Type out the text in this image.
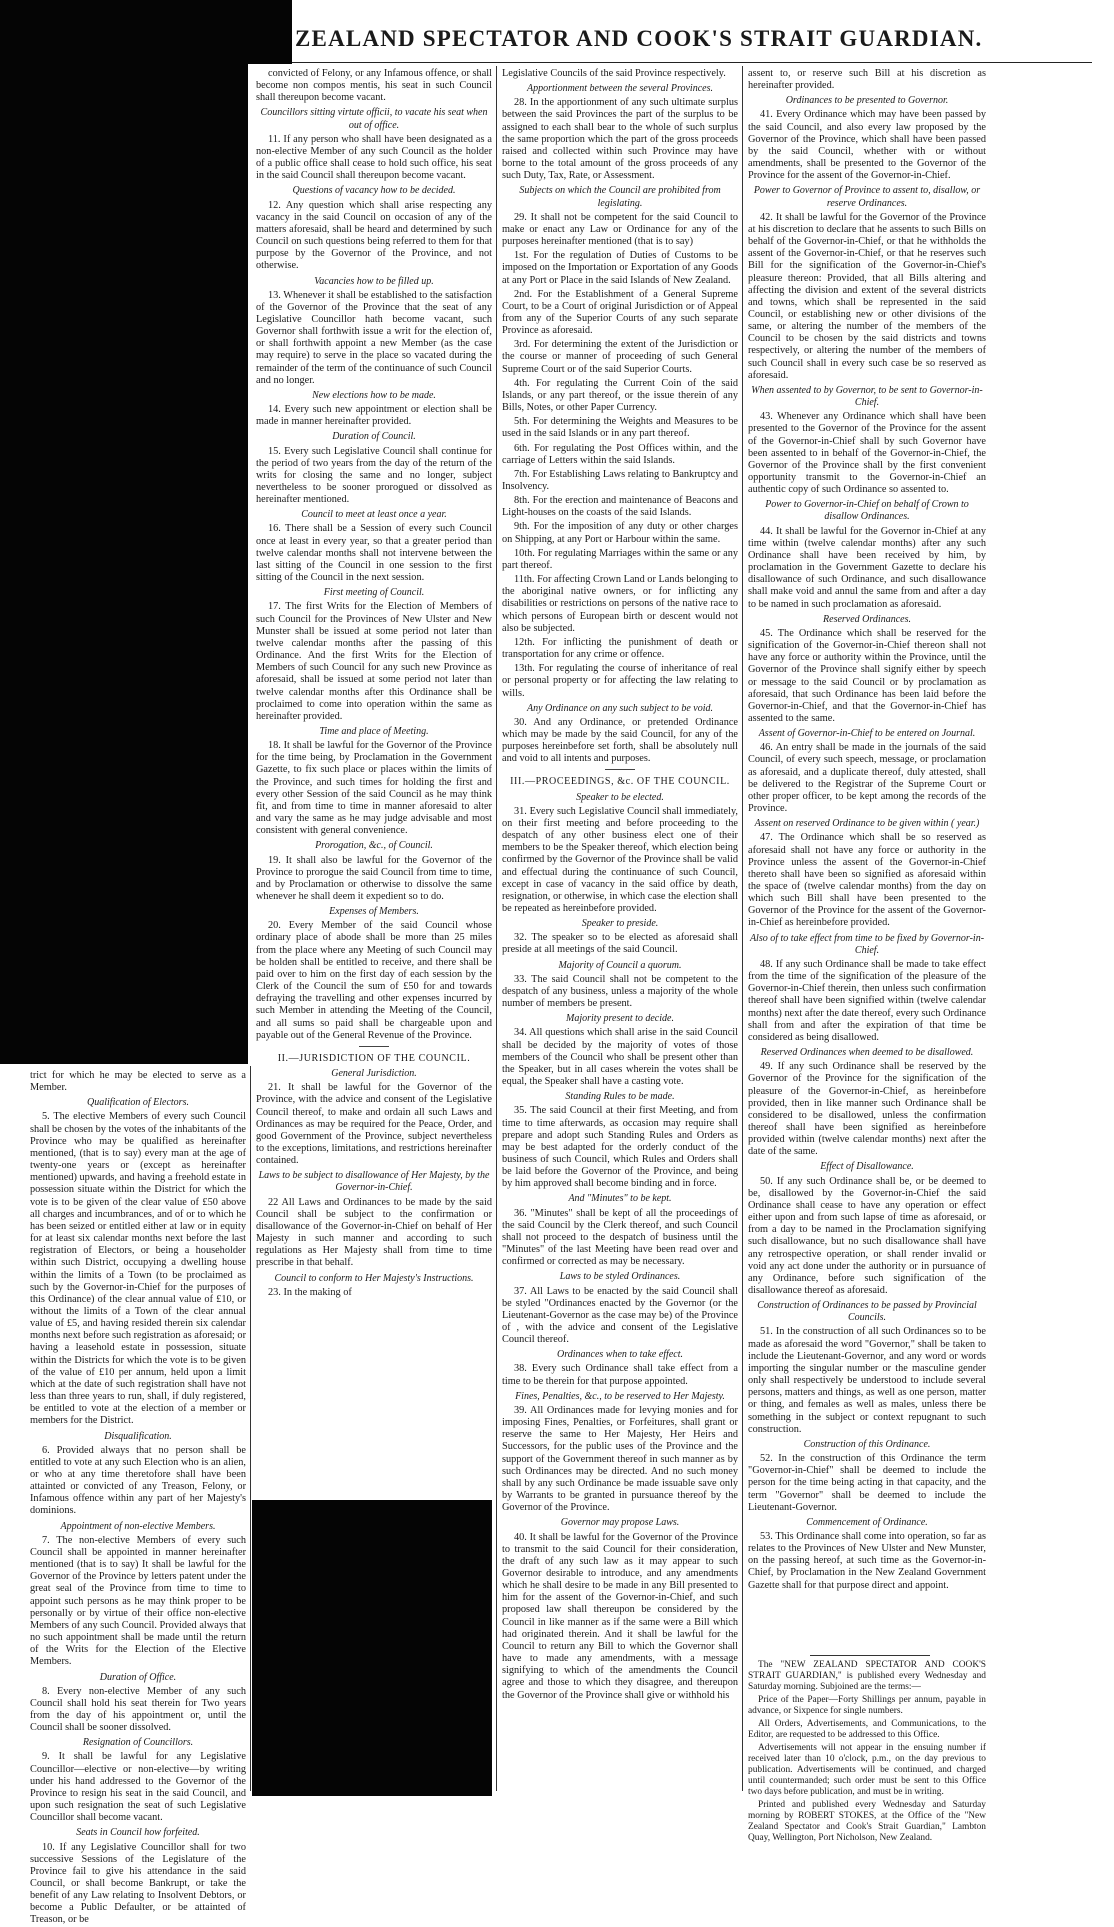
ZEALAND SPECTATOR AND COOK'S STRAIT GUARDIAN.

trict for which he may be elected to serve as a Member.

Qualification of Electors.

5. The elective Members of every such Council shall be chosen by the votes of the inhabitants of the Province who may be qualified as hereinafter mentioned, (that is to say) every man at the age of twenty-one years or (except as hereinafter mentioned) upwards, and having a freehold estate in possession situate within the District for which the vote is to be given of the clear value of £50 above all charges and incumbrances, and of or to which he has been seized or entitled either at law or in equity for at least six calendar months next before the last registration of Electors, or being a householder within such District, occupying a dwelling house within the limits of a Town (to be proclaimed as such by the Governor-in-Chief for the purposes of this Ordinance) of the clear annual value of £10, or without the limits of a Town of the clear annual value of £5, and having resided therein six calendar months next before such registration as aforesaid; or having a leasehold estate in possession, situate within the Districts for which the vote is to be given of the value of £10 per annum, held upon a limit which at the date of such registration shall have not less than three years to run, shall, if duly registered, be entitled to vote at the election of a member or members for the District.

Disqualification.

6. Provided always that no person shall be entitled to vote at any such Election who is an alien, or who at any time theretofore shall have been attainted or convicted of any Treason, Felony, or Infamous offence within any part of her Majesty's dominions.

Appointment of non-elective Members.

7. The non-elective Members of every such Council shall be appointed in manner hereinafter mentioned (that is to say) It shall be lawful for the Governor of the Province by letters patent under the great seal of the Province from time to time to appoint such persons as he may think proper to be personally or by virtue of their office non-elective Members of any such Council. Provided always that no such appointment shall be made until the return of the Writs for the Election of the Elective Members.

Duration of Office.

8. Every non-elective Member of any such Council shall hold his seat therein for Two years from the day of his appointment or, until the Council shall be sooner dissolved.

Resignation of Councillors.

9. It shall be lawful for any Legislative Councillor—elective or non-elective—by writing under his hand addressed to the Governor of the Province to resign his seat in the said Council, and upon such resignation the seat of such Legislative Councillor shall become vacant.

Seats in Council how forfeited.

10. If any Legislative Councillor shall for two successive Sessions of the Legislature of the Province fail to give his attendance in the said Council, or shall become Bankrupt, or take the benefit of any Law relating to Insolvent Debtors, or become a Public Defaulter, or be attainted of Treason, or be

convicted of Felony, or any Infamous offence, or shall become non compos mentis, his seat in such Council shall thereupon become vacant.

Councillors sitting virtute officii, to vacate his seat when out of office.

11. If any person who shall have been designated as a non-elective Member of any such Council as the holder of a public office shall cease to hold such office, his seat in the said Council shall thereupon become vacant.

Questions of vacancy how to be decided.

12. Any question which shall arise respecting any vacancy in the said Council on occasion of any of the matters aforesaid, shall be heard and determined by such Council on such questions being referred to them for that purpose by the Governor of the Province, and not otherwise.

Vacancies how to be filled up.

13. Whenever it shall be established to the satisfaction of the Governor of the Province that the seat of any Legislative Councillor hath become vacant, such Governor shall forthwith issue a writ for the election of, or shall forthwith appoint a new Member (as the case may require) to serve in the place so vacated during the remainder of the term of the continuance of such Council and no longer.

New elections how to be made.

14. Every such new appointment or election shall be made in manner hereinafter provided.

Duration of Council.

15. Every such Legislative Council shall continue for the period of two years from the day of the return of the writs for closing the same and no longer, subject nevertheless to be sooner prorogued or dissolved as hereinafter mentioned.

Council to meet at least once a year.

16. There shall be a Session of every such Council once at least in every year, so that a greater period than twelve calendar months shall not intervene between the last sitting of the Council in one session to the first sitting of the Council in the next session.

First meeting of Council.

17. The first Writs for the Election of Members of such Council for the Provinces of New Ulster and New Munster shall be issued at some period not later than twelve calendar months after the passing of this Ordinance. And the first Writs for the Election of Members of such Council for any such new Province as aforesaid, shall be issued at some period not later than twelve calendar months after this Ordinance shall be proclaimed to come into operation within the same as hereinafter provided.

Time and place of Meeting.

18. It shall be lawful for the Governor of the Province for the time being, by Proclamation in the Government Gazette, to fix such place or places within the limits of the Province, and such times for holding the first and every other Session of the said Council as he may think fit, and from time to time in manner aforesaid to alter and vary the same as he may judge advisable and most consistent with general convenience.

Prorogation, &c., of Council.

19. It shall also be lawful for the Governor of the Province to prorogue the said Council from time to time, and by Proclamation or otherwise to dissolve the same whenever he shall deem it expedient so to do.

Expenses of Members.

20. Every Member of the said Council whose ordinary place of abode shall be more than 25 miles from the place where any Meeting of such Council may be holden shall be entitled to receive, and there shall be paid over to him on the first day of each session by the Clerk of the Council the sum of £50 for and towards defraying the travelling and other expenses incurred by such Member in attending the Meeting of the Council, and all sums so paid shall be chargeable upon and payable out of the General Revenue of the Province.

II.—JURISDICTION OF THE COUNCIL.
General Jurisdiction.

21. It shall be lawful for the Governor of the Province, with the advice and consent of the Legislative Council thereof, to make and ordain all such Laws and Ordinances as may be required for the Peace, Order, and good Government of the Province, subject nevertheless to the exceptions, limitations, and restrictions hereinafter contained.

Laws to be subject to disallowance of Her Majesty, by the Governor-in-Chief.

22 All Laws and Ordinances to be made by the said Council shall be subject to the confirmation or disallowance of the Governor-in-Chief on behalf of Her Majesty in such manner and according to such regulations as Her Majesty shall from time to time prescribe in that behalf.

Council to conform to Her Majesty's Instructions.

23. In the making of

Legislative Councils of the said Province respectively.

Apportionment between the several Provinces.

28. In the apportionment of any such ultimate surplus between the said Provinces the part of the surplus to be assigned to each shall bear to the whole of such surplus the same proportion which the part of the gross proceeds raised and collected within such Province may have borne to the total amount of the gross proceeds of any such Duty, Tax, Rate, or Assessment.

Subjects on which the Council are prohibited from legislating.

29. It shall not be competent for the said Council to make or enact any Law or Ordinance for any of the purposes hereinafter mentioned (that is to say)

1st. For the regulation of Duties of Customs to be imposed on the Importation or Exportation of any Goods at any Port or Place in the said Islands of New Zealand.

2nd. For the Establishment of a General Supreme Court, to be a Court of original Jurisdiction or of Appeal from any of the Superior Courts of any such separate Province as aforesaid.

3rd. For determining the extent of the Jurisdiction or the course or manner of proceeding of such General Supreme Court or of the said Superior Courts.

4th. For regulating the Current Coin of the said Islands, or any part thereof, or the issue therein of any Bills, Notes, or other Paper Currency.

5th. For determining the Weights and Measures to be used in the said Islands or in any part thereof.

6th. For regulating the Post Offices within, and the carriage of Letters within the said Islands.

7th. For Establishing Laws relating to Bankruptcy and Insolvency.

8th. For the erection and maintenance of Beacons and Light-houses on the coasts of the said Islands.

9th. For the imposition of any duty or other charges on Shipping, at any Port or Harbour within the same.

10th. For regulating Marriages within the same or any part thereof.

11th. For affecting Crown Land or Lands belonging to the aboriginal native owners, or for inflicting any disabilities or restrictions on persons of the native race to which persons of European birth or descent would not also be subjected.

12th. For inflicting the punishment of death or transportation for any crime or offence.

13th. For regulating the course of inheritance of real or personal property or for affecting the law relating to wills.

Any Ordinance on any such subject to be void.

30. And any Ordinance, or pretended Ordinance which may be made by the said Council, for any of the purposes hereinbefore set forth, shall be absolutely null and void to all intents and purposes.

III.—PROCEEDINGS, &c. OF THE COUNCIL.
Speaker to be elected.

31. Every such Legislative Council shall immediately, on their first meeting and before proceeding to the despatch of any other business elect one of their members to be the Speaker thereof, which election being confirmed by the Governor of the Province shall be valid and effectual during the continuance of such Council, except in case of vacancy in the said office by death, resignation, or otherwise, in which case the election shall be repeated as hereinbefore provided.

Speaker to preside.

32. The speaker so to be elected as aforesaid shall preside at all meetings of the said Council.

Majority of Council a quorum.

33. The said Council shall not be competent to the despatch of any business, unless a majority of the whole number of members be present.

Majority present to decide.

34. All questions which shall arise in the said Council shall be decided by the majority of votes of those members of the Council who shall be present other than the Speaker, but in all cases wherein the votes shall be equal, the Speaker shall have a casting vote.

Standing Rules to be made.

35. The said Council at their first Meeting, and from time to time afterwards, as occasion may require shall prepare and adopt such Standing Rules and Orders as may be best adapted for the orderly conduct of the business of such Council, which Rules and Orders shall be laid before the Governor of the Province, and being by him approved shall become binding and in force.

And "Minutes" to be kept.

36. "Minutes" shall be kept of all the proceedings of the said Council by the Clerk thereof, and such Council shall not proceed to the despatch of business until the "Minutes" of the last Meeting have been read over and confirmed or corrected as may be necessary.

Laws to be styled Ordinances.

37. All Laws to be enacted by the said Council shall be styled "Ordinances enacted by the Governor (or the Lieutenant-Governor as the case may be) of the Province of , with the advice and consent of the Legislative Council thereof.

Ordinances when to take effect.

38. Every such Ordinance shall take effect from a time to be therein for that purpose appointed.

Fines, Penalties, &c., to be reserved to Her Majesty.

39. All Ordinances made for levying monies and for imposing Fines, Penalties, or Forfeitures, shall grant or reserve the same to Her Majesty, Her Heirs and Successors, for the public uses of the Province and the support of the Government thereof in such manner as by such Ordinances may be directed. And no such money shall by any such Ordinance be made issuable save only by Warrants to be granted in pursuance thereof by the Governor of the Province.

Governor may propose Laws.

40. It shall be lawful for the Governor of the Province to transmit to the said Council for their consideration, the draft of any such law as it may appear to such Governor desirable to introduce, and any amendments which he shall desire to be made in any Bill presented to him for the assent of the Governor-in-Chief, and such proposed law shall thereupon be considered by the Council in like manner as if the same were a Bill which had originated therein. And it shall be lawful for the Council to return any Bill to which the Governor shall have to made any amendments, with a message signifying to which of the amendments the Council agree and those to which they disagree, and thereupon the Governor of the Province shall give or withhold his

assent to, or reserve such Bill at his discretion as hereinafter provided.

Ordinances to be presented to Governor.

41. Every Ordinance which may have been passed by the said Council, and also every law proposed by the Governor of the Province, which shall have been passed by the said Council, whether with or without amendments, shall be presented to the Governor of the Province for the assent of the Governor-in-Chief.

Power to Governor of Province to assent to, disallow, or reserve Ordinances.

42. It shall be lawful for the Governor of the Province at his discretion to declare that he assents to such Bills on behalf of the Governor-in-Chief, or that he withholds the assent of the Governor-in-Chief, or that he reserves such Bill for the signification of the Governor-in-Chief's pleasure thereon: Provided, that all Bills altering and affecting the division and extent of the several districts and towns, which shall be represented in the said Council, or establishing new or other divisions of the same, or altering the number of the members of the Council to be chosen by the said districts and towns respectively, or altering the number of the members of such Council shall in every such case be so reserved as aforesaid.

When assented to by Governor, to be sent to Governor-in-Chief.

43. Whenever any Ordinance which shall have been presented to the Governor of the Province for the assent of the Governor-in-Chief shall by such Governor have been assented to in behalf of the Governor-in-Chief, the Governor of the Province shall by the first convenient opportunity transmit to the Governor-in-Chief an authentic copy of such Ordinance so assented to.

Power to Governor-in-Chief on behalf of Crown to disallow Ordinances.

44. It shall be lawful for the Governor in-Chief at any time within (twelve calendar months) after any such Ordinance shall have been received by him, by proclamation in the Government Gazette to declare his disallowance of such Ordinance, and such disallowance shall make void and annul the same from and after a day to be named in such proclamation as aforesaid.

Reserved Ordinances.

45. The Ordinance which shall be reserved for the signification of the Governor-in-Chief thereon shall not have any force or authority within the Province, until the Governor of the Province shall signify either by speech or message to the said Council or by proclamation as aforesaid, that such Ordinance has been laid before the Governor-in-Chief, and that the Governor-in-Chief has assented to the same.

Assent of Governor-in-Chief to be entered on Journal.

46. An entry shall be made in the journals of the said Council, of every such speech, message, or proclamation as aforesaid, and a duplicate thereof, duly attested, shall be delivered to the Registrar of the Supreme Court or other proper officer, to be kept among the records of the Province.

Assent on reserved Ordinance to be given within ( year.)

47. The Ordinance which shall be so reserved as aforesaid shall not have any force or authority in the Province unless the assent of the Governor-in-Chief thereto shall have been so signified as aforesaid within the space of (twelve calendar months) from the day on which such Bill shall have been presented to the Governor of the Province for the assent of the Governor-in-Chief as hereinbefore provided.

Also of to take effect from time to be fixed by Governor-in-Chief.

48. If any such Ordinance shall be made to take effect from the time of the signification of the pleasure of the Governor-in-Chief therein, then unless such confirmation thereof shall have been signified within (twelve calendar months) next after the date thereof, every such Ordinance shall from and after the expiration of that time be considered as being disallowed.

Reserved Ordinances when deemed to be disallowed.

49. If any such Ordinance shall be reserved by the Governor of the Province for the signification of the pleasure of the Governor-in-Chief, as hereinbefore provided, then in like manner such Ordinance shall be considered to be disallowed, unless the confirmation thereof shall have been signified as hereinbefore provided within (twelve calendar months) next after the date of the same.

Effect of Disallowance.

50. If any such Ordinance shall be, or be deemed to be, disallowed by the Governor-in-Chief the said Ordinance shall cease to have any operation or effect either upon and from such lapse of time as aforesaid, or from a day to be named in the Proclamation signifying such disallowance, but no such disallowance shall have any retrospective operation, or shall render invalid or void any act done under the authority or in pursuance of any Ordinance, before such signification of the disallowance thereof as aforesaid.

Construction of Ordinances to be passed by Provincial Councils.

51. In the construction of all such Ordinances so to be made as aforesaid the word "Governor," shall be taken to include the Lieutenant-Governor, and any word or words importing the singular number or the masculine gender only shall respectively be understood to include several persons, matters and things, as well as one person, matter or thing, and females as well as males, unless there be something in the subject or context repugnant to such construction.

Construction of this Ordinance.

52. In the construction of this Ordinance the term "Governor-in-Chief" shall be deemed to include the person for the time being acting in that capacity, and the term "Governor" shall be deemed to include the Lieutenant-Governor.

Commencement of Ordinance.

53. This Ordinance shall come into operation, so far as relates to the Provinces of New Ulster and New Munster, on the passing hereof, at such time as the Governor-in-Chief, by Proclamation in the New Zealand Government Gazette shall for that purpose direct and appoint.

The "NEW ZEALAND SPECTATOR AND COOK'S STRAIT GUARDIAN," is published every Wednesday and Saturday morning. Subjoined are the terms:—

Price of the Paper—Forty Shillings per annum, payable in advance, or Sixpence for single numbers.

All Orders, Advertisements, and Communications, to the Editor, are requested to be addressed to this Office.

Advertisements will not appear in the ensuing number if received later than 10 o'clock, p.m., on the day previous to publication. Advertisements will be continued, and charged until countermanded; such order must be sent to this Office two days before publication, and must be in writing.

Printed and published every Wednesday and Saturday morning by ROBERT STOKES, at the Office of the "New Zealand Spectator and Cook's Strait Guardian," Lambton Quay, Wellington, Port Nicholson, New Zealand.
